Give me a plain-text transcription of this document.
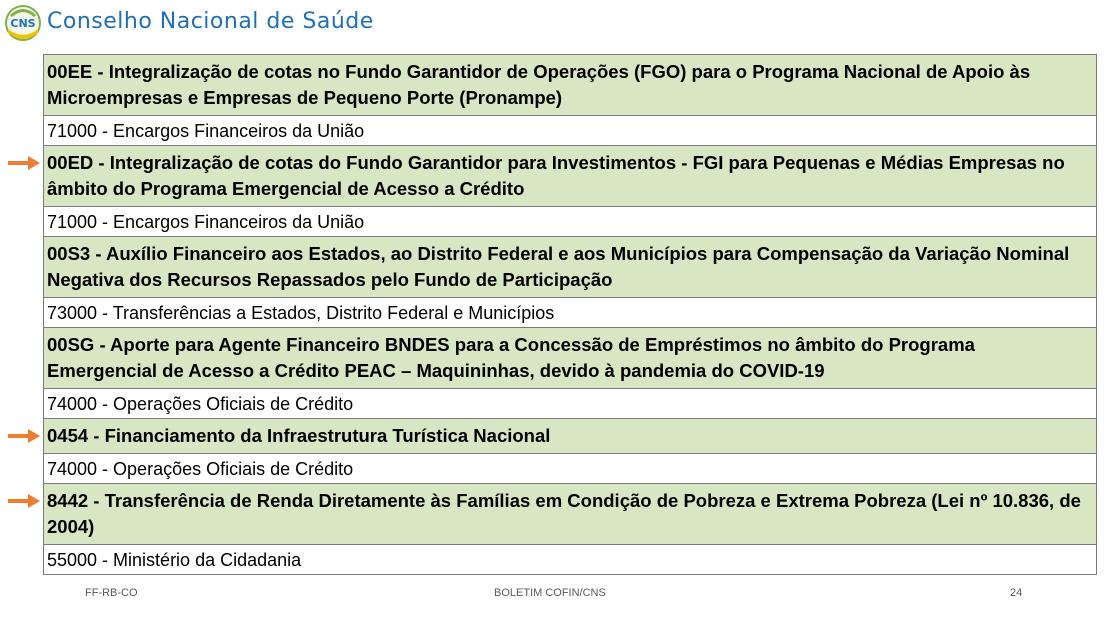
CNS Conselho Nacional de Saúde
00EE - Integralização de cotas no Fundo Garantidor de Operações (FGO) para o Programa Nacional de Apoio às Microempresas e Empresas de Pequeno Porte (Pronampe)
71000 - Encargos Financeiros da União
00ED - Integralização de cotas do Fundo Garantidor para Investimentos - FGI para Pequenas e Médias Empresas no âmbito do Programa Emergencial de Acesso a Crédito
71000 - Encargos Financeiros da União
00S3 - Auxílio Financeiro aos Estados, ao Distrito Federal e aos Municípios para Compensação da Variação Nominal Negativa dos Recursos Repassados pelo Fundo de Participação
73000 - Transferências a Estados, Distrito Federal e Municípios
00SG - Aporte para Agente Financeiro BNDES para a Concessão de Empréstimos no âmbito do Programa Emergencial de Acesso a Crédito PEAC – Maquininhas, devido à pandemia do COVID-19
74000 - Operações Oficiais de Crédito
0454 - Financiamento da Infraestrutura Turística Nacional
74000 - Operações Oficiais de Crédito
8442 - Transferência de Renda Diretamente às Famílias em Condição de Pobreza e Extrema Pobreza (Lei nº 10.836, de 2004)
55000 - Ministério da Cidadania
FF-RB-CO	BOLETIM COFIN/CNS	24
